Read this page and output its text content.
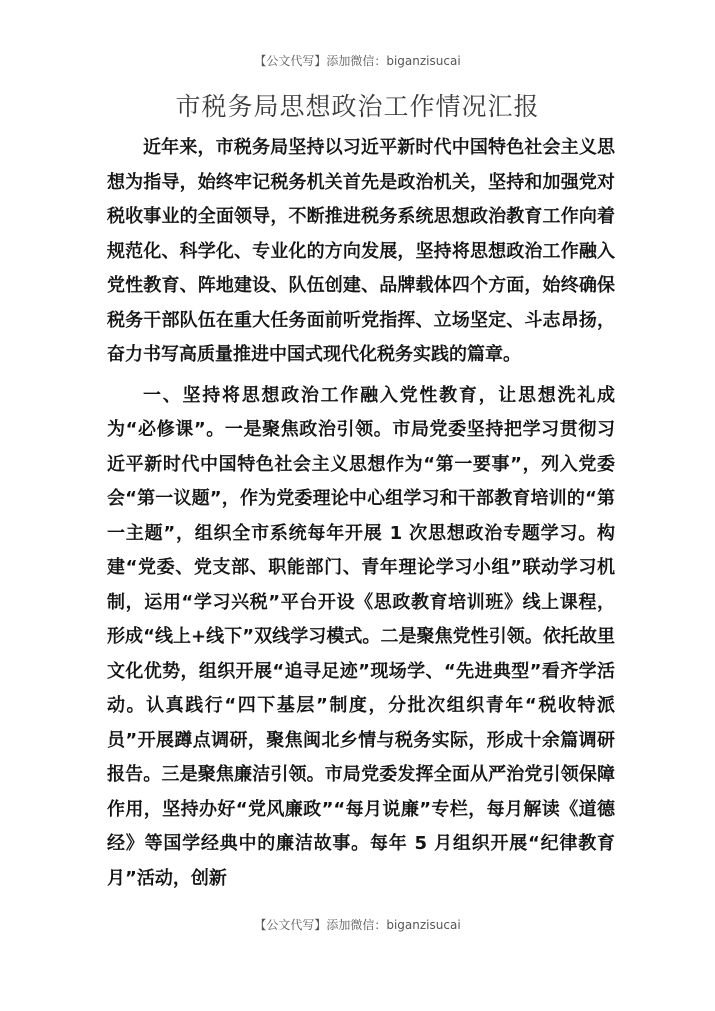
【公文代写】添加微信：biganzisucai
市税务局思想政治工作情况汇报

近年来，市税务局坚持以习近平新时代中国特色社会主义思想为指导，始终牢记税务机关首先是政治机关，坚持和加强党对税收事业的全面领导，不断推进税务系统思想政治教育工作向着规范化、科学化、专业化的方向发展，坚持将思想政治工作融入党性教育、阵地建设、队伍创建、品牌载体四个方面，始终确保税务干部队伍在重大任务面前听党指挥、立场坚定、斗志昂扬，奋力书写高质量推进中国式现代化税务实践的篇章。

一、坚持将思想政治工作融入党性教育，让思想洗礼成为“必修课”。一是聚焦政治引领。市局党委坚持把学习贯彻习近平新时代中国特色社会主义思想作为“第一要事”，列入党委会“第一议题”，作为党委理论中心组学习和干部教育培训的“第一主题”，组织全市系统每年开展 1 次思想政治专题学习。构建“党委、党支部、职能部门、青年理论学习小组”联动学习机制，运用“学习兴税”平台开设《思政教育培训班》线上课程，形成“线上+线下”双线学习模式。二是聚焦党性引领。依托故里文化优势，组织开展“追寻足迹”现场学、“先进典型”看齐学活动。认真践行“四下基层”制度，分批次组织青年“税收特派员”开展蹲点调研，聚焦闽北乡情与税务实际，形成十余篇调研报告。三是聚焦廉洁引领。市局党委发挥全面从严治党引领保障作用，坚持办好“党风廉政”“每月说廉”专栏，每月解读《道德经》等国学经典中的廉洁故事。每年 5 月组织开展“纪律教育月”活动，创新

【公文代写】添加微信：biganzisucai
